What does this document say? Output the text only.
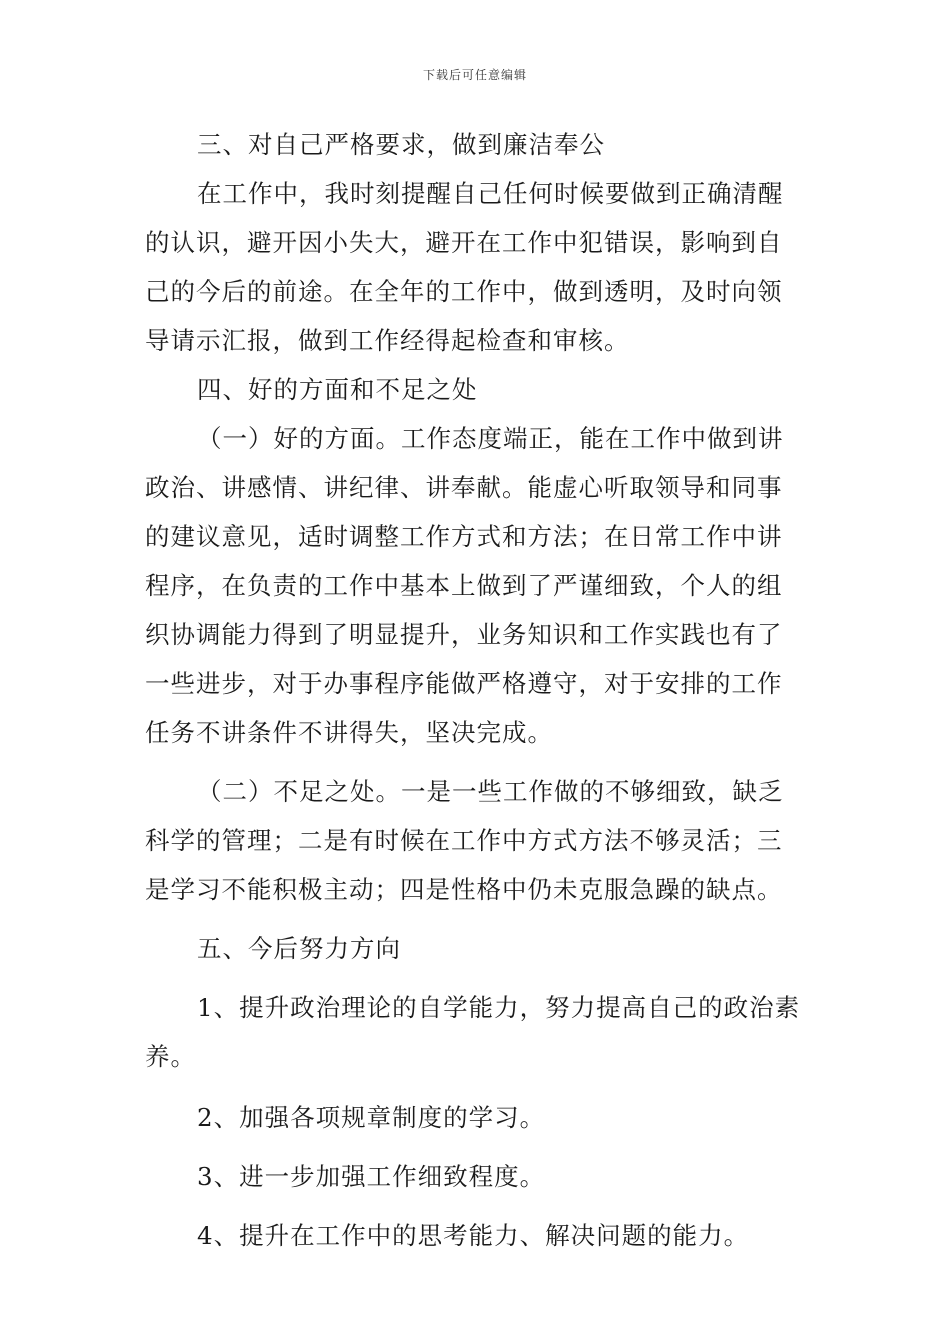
下载后可任意编辑
三、对自己严格要求，做到廉洁奉公
在工作中，我时刻提醒自己任何时候要做到正确清醒
的认识，避开因小失大，避开在工作中犯错误，影响到自
己的今后的前途。在全年的工作中，做到透明，及时向领
导请示汇报，做到工作经得起检查和审核。
四、好的方面和不足之处
（一）好的方面。工作态度端正，能在工作中做到讲
政治、讲感情、讲纪律、讲奉献。能虚心听取领导和同事
的建议意见，适时调整工作方式和方法；在日常工作中讲
程序，在负责的工作中基本上做到了严谨细致，个人的组
织协调能力得到了明显提升，业务知识和工作实践也有了
一些进步，对于办事程序能做严格遵守，对于安排的工作
任务不讲条件不讲得失，坚决完成。
（二）不足之处。一是一些工作做的不够细致，缺乏
科学的管理；二是有时候在工作中方式方法不够灵活；三
是学习不能积极主动；四是性格中仍未克服急躁的缺点。
五、今后努力方向
1、提升政治理论的自学能力，努力提高自己的政治素
养。
2、加强各项规章制度的学习。
3、进一步加强工作细致程度。
4、提升在工作中的思考能力、解决问题的能力。
